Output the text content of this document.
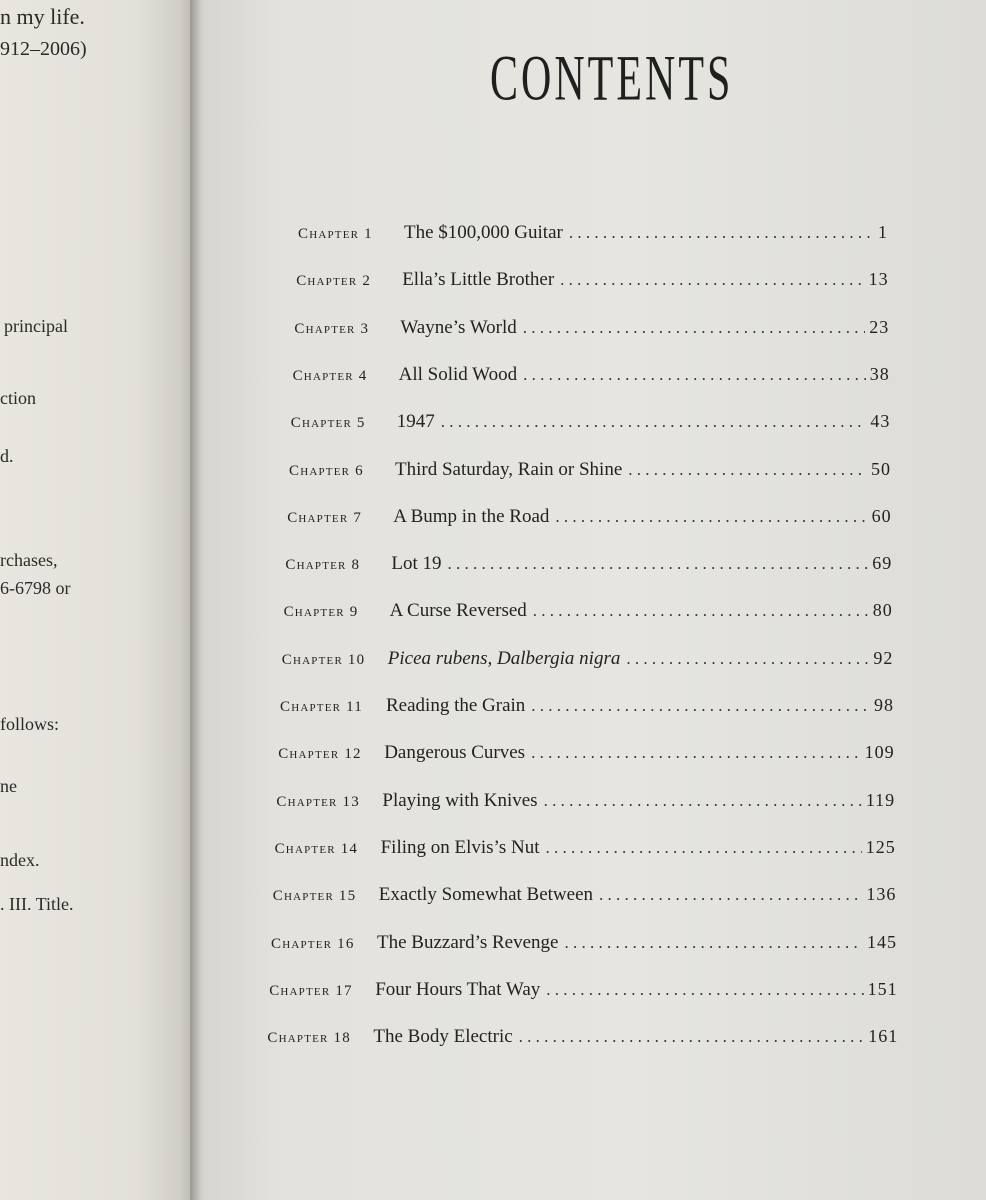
n my life.
912–2006)
principal
ction
d.
rchases,
6-6798 or
follows:
ne
ndex.
. III. Title.
CONTENTS
Chapter 1	The $100,000 Guitar . . .	1
Chapter 2	Ella’s Little Brother . . .	13
Chapter 3	Wayne’s World . . .	23
Chapter 4	All Solid Wood . . .	38
Chapter 5	1947 . . .	43
Chapter 6	Third Saturday, Rain or Shine . . .	50
Chapter 7	A Bump in the Road . . .	60
Chapter 8	Lot 19 . . .	69
Chapter 9	A Curse Reversed . . .	80
Chapter 10	Picea rubens, Dalbergia nigra . . .	92
Chapter 11	Reading the Grain . . .	98
Chapter 12	Dangerous Curves . . .	109
Chapter 13	Playing with Knives . . .	119
Chapter 14	Filing on Elvis’s Nut . . .	125
Chapter 15	Exactly Somewhat Between . . .	136
Chapter 16	The Buzzard’s Revenge . . .	145
Chapter 17	Four Hours That Way . . .	151
Chapter 18	The Body Electric . . .	161
